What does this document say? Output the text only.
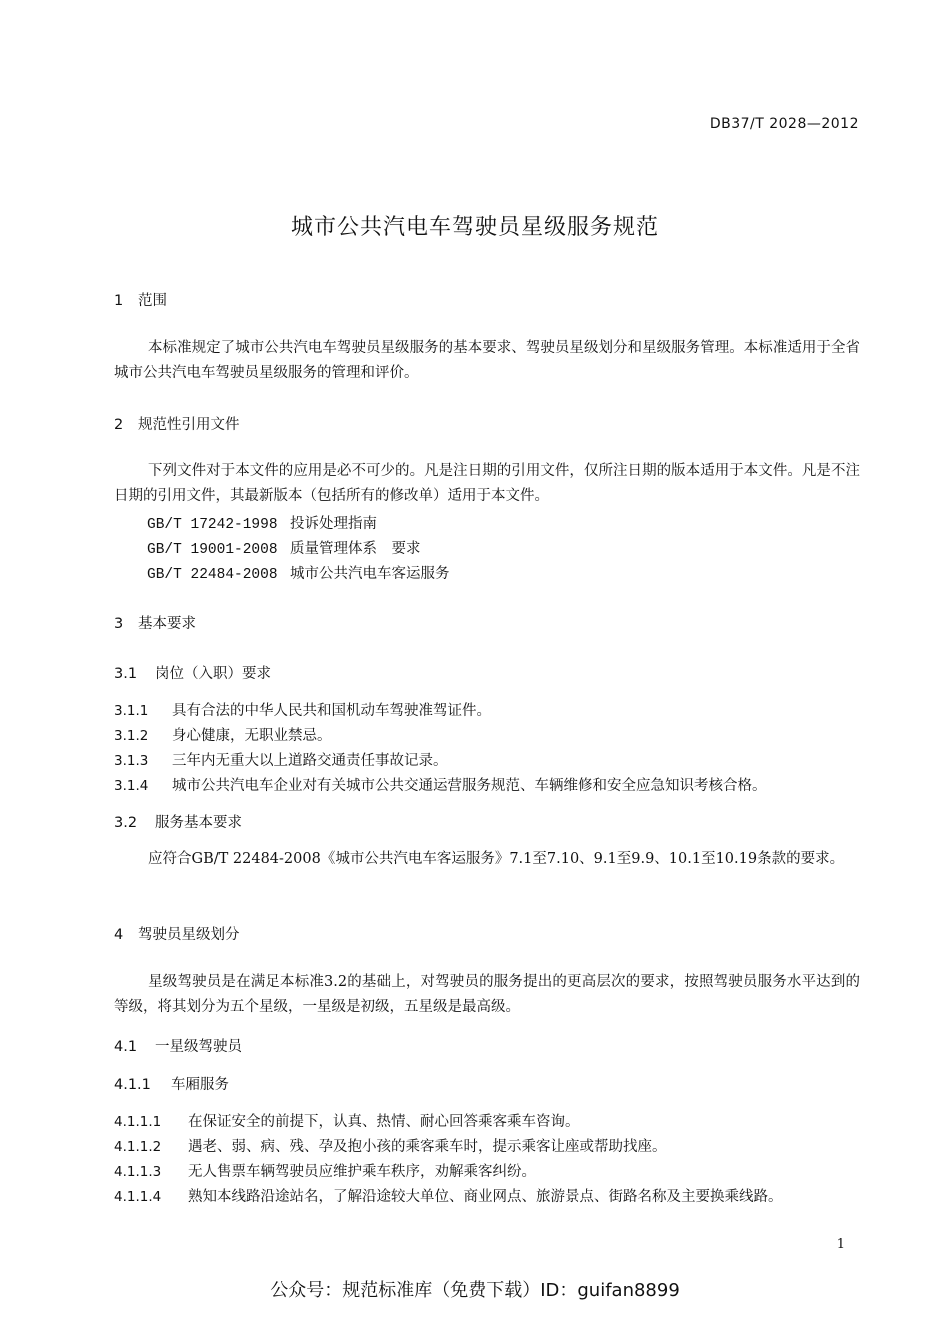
DB37/T 2028—2012
城市公共汽电车驾驶员星级服务规范
1 范围
本标准规定了城市公共汽电车驾驶员星级服务的基本要求、驾驶员星级划分和星级服务管理。本标准适用于全省城市公共汽电车驾驶员星级服务的管理和评价。
2 规范性引用文件
下列文件对于本文件的应用是必不可少的。凡是注日期的引用文件，仅所注日期的版本适用于本文件。凡是不注日期的引用文件，其最新版本（包括所有的修改单）适用于本文件。
GB/T 17242-1998 投诉处理指南
GB/T 19001-2008 质量管理体系　要求
GB/T 22484-2008 城市公共汽电车客运服务
3 基本要求
3.1 岗位（入职）要求
3.1.1 具有合法的中华人民共和国机动车驾驶准驾证件。
3.1.2 身心健康，无职业禁忌。
3.1.3 三年内无重大以上道路交通责任事故记录。
3.1.4 城市公共汽电车企业对有关城市公共交通运营服务规范、车辆维修和安全应急知识考核合格。
3.2 服务基本要求
应符合GB/T 22484-2008《城市公共汽电车客运服务》7.1至7.10、9.1至9.9、10.1至10.19条款的要求。
4 驾驶员星级划分
星级驾驶员是在满足本标准3.2的基础上，对驾驶员的服务提出的更高层次的要求，按照驾驶员服务水平达到的等级，将其划分为五个星级，一星级是初级，五星级是最高级。
4.1 一星级驾驶员
4.1.1 车厢服务
4.1.1.1 在保证安全的前提下，认真、热情、耐心回答乘客乘车咨询。
4.1.1.2 遇老、弱、病、残、孕及抱小孩的乘客乘车时，提示乘客让座或帮助找座。
4.1.1.3 无人售票车辆驾驶员应维护乘车秩序，劝解乘客纠纷。
4.1.1.4 熟知本线路沿途站名，了解沿途较大单位、商业网点、旅游景点、街路名称及主要换乘线路。
1
公众号：规范标准库（免费下载）ID：guifan8899
